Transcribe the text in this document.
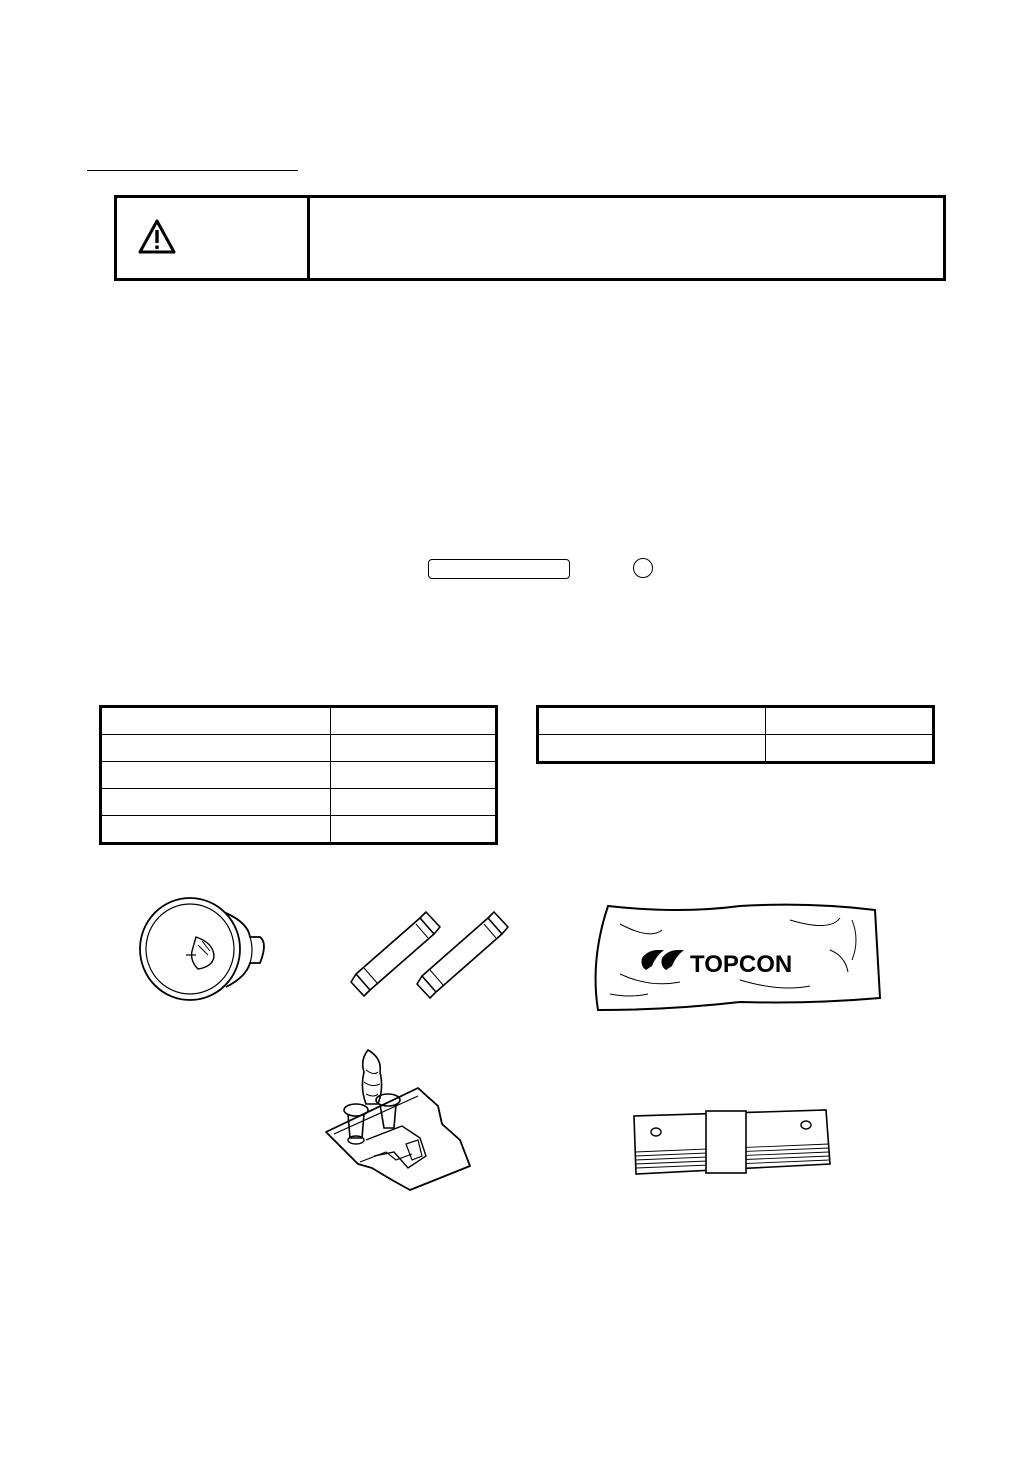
TOPCON
